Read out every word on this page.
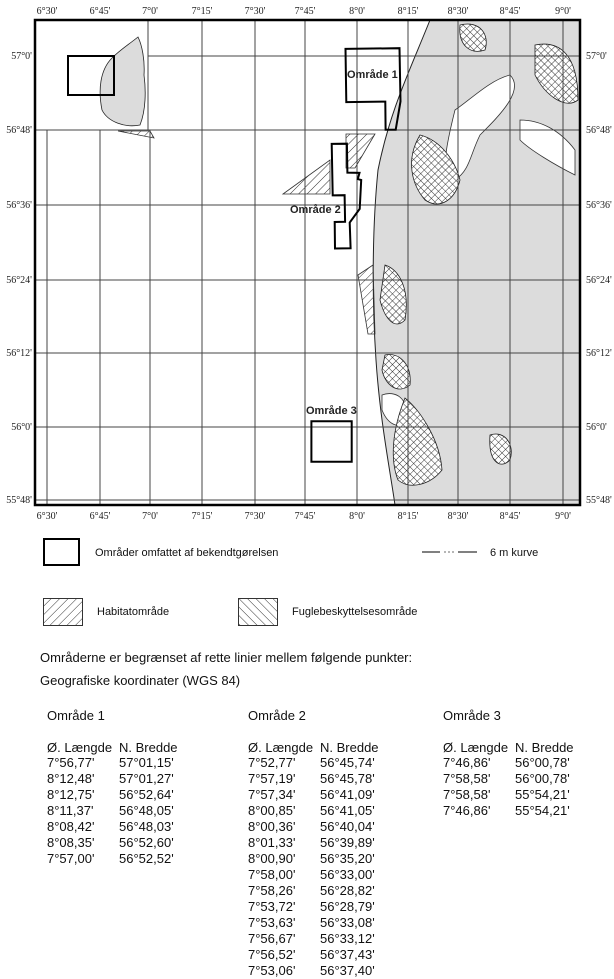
Område 1
Område 2
Område 3
6°30'	6°45'	7°0'	7°15'	7°30'	7°45'	8°0'	8°15'	8°30'	8°45'	9°0'
6°30'	6°45'	7°0'	7°15'	7°30'	7°45'	8°0'	8°15'	8°30'	8°45'	9°0'
57°0'
56°48'
56°36'
56°24'
56°12'
56°0'
55°48'
57°0'
56°48'
56°36'
56°24'
56°12'
56°0'
55°48'
Områder omfattet af bekendtgørelsen	6 m kurve
Habitatområde	Fuglebeskyttelsesområde
Områderne er begrænset af rette linier mellem følgende punkter:
Geografiske koordinater (WGS 84)
Område 1
Ø. Længde N. Bredde
7°56,77'	57°01,15'
8°12,48'	57°01,27'
8°12,75'	56°52,64'
8°11,37'	56°48,05'
8°08,42'	56°48,03'
8°08,35'	56°52,60'
7°57,00'	56°52,52'
Område 2
Ø. Længde N. Bredde
7°52,77'	56°45,74'
7°57,19'	56°45,78'
7°57,34'	56°41,09'
8°00,85'	56°41,05'
8°00,36'	56°40,04'
8°01,33'	56°39,89'
8°00,90'	56°35,20'
7°58,00'	56°33,00'
7°58,26'	56°28,82'
7°53,72'	56°28,79'
7°53,63'	56°33,08'
7°56,67'	56°33,12'
7°56,52'	56°37,43'
7°53,06'	56°37,40'
Område 3
Ø. Længde N. Bredde
7°46,86'	56°00,78'
7°58,58'	56°00,78'
7°58,58'	55°54,21'
7°46,86'	55°54,21'
